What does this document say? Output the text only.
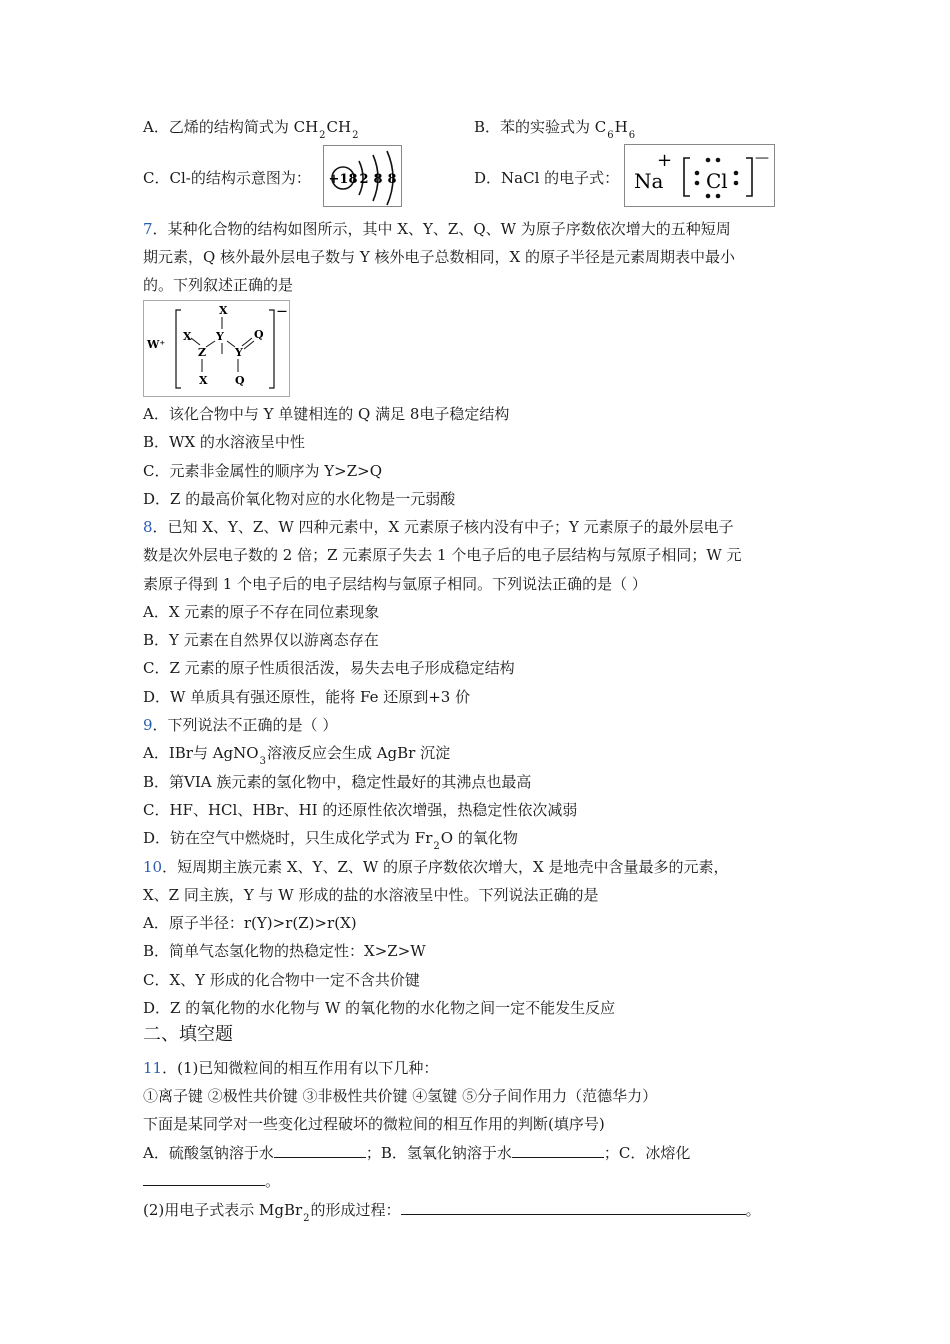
A．乙烯的结构简式为 $CH_2CH_2$	B．苯的实验式为 $C_6H_6$
C．Cl-的结构示意图为： +18 2 8 8	D．NaCl 的电子式： Na
+
Cl
—
7．某种化合物的结构如图所示，其中 X、Y、Z、Q、W 为原子序数依次增大的五种短周
期元素，Q 核外最外层电子数与 Y 核外电子总数相同，X 的原子半径是元素周期表中最小
的。下列叙述正确的是
W⁺
—
X
X Y	Q
Z	Y
X Q
A．该化合物中与 Y 单键相连的 Q 满足 8电子稳定结构
B．WX 的水溶液呈中性
C．元素非金属性的顺序为 Y>Z>Q
D．Z 的最高价氧化物对应的水化物是一元弱酸
8．已知 X、Y、Z、W 四种元素中，X 元素原子核内没有中子；Y 元素原子的最外层电子
数是次外层电子数的 2 倍；Z 元素原子失去 1 个电子后的电子层结构与氖原子相同；W 元
素原子得到 1 个电子后的电子层结构与氩原子相同。下列说法正确的是（ ）
A．X 元素的原子不存在同位素现象
B．Y 元素在自然界仅以游离态存在
C．Z 元素的原子性质很活泼，易失去电子形成稳定结构
D．W 单质具有强还原性，能将 Fe 还原到+3 价
9．下列说法不正确的是（ ）
A．IBr与 AgNO$_3$溶液反应会生成 AgBr 沉淀
B．第VIA 族元素的氢化物中，稳定性最好的其沸点也最高
C．HF、HCl、HBr、HI 的还原性依次增强，热稳定性依次减弱
D．钫在空气中燃烧时，只生成化学式为 $Fr_2O$ 的氧化物
10．短周期主族元素 X、Y、Z、W 的原子序数依次增大，X 是地壳中含量最多的元素，
X、Z 同主族，Y 与 W 形成的盐的水溶液呈中性。下列说法正确的是
A．原子半径：r(Y)>r(Z)>r(X)
B．简单气态氢化物的热稳定性：X>Z>W
C．X、Y 形成的化合物中一定不含共价键
D．Z 的氧化物的水化物与 W 的氧化物的水化物之间一定不能发生反应
二、填空题
11．(1)已知微粒间的相互作用有以下几种：
①离子键 ②极性共价键 ③非极性共价键 ④氢键 ⑤分子间作用力（范德华力）
下面是某同学对一些变化过程破坏的微粒间的相互作用的判断(填序号)
A．硫酸氢钠溶于水	；B．氢氧化钠溶于水	；C．冰熔化
。
(2)用电子式表示 MgBr$_2$的形成过程：	。
